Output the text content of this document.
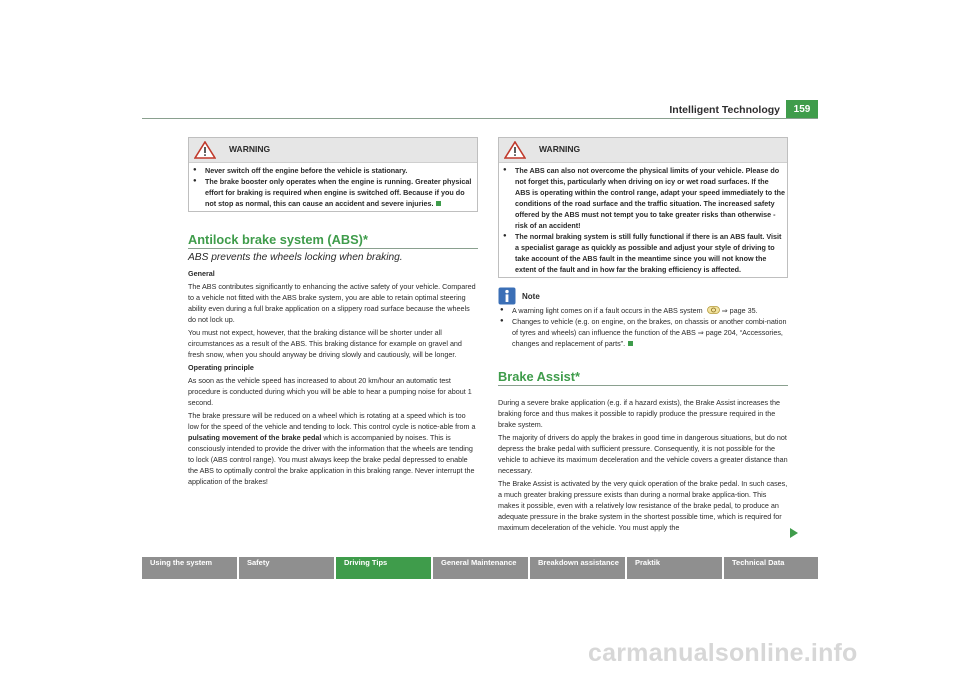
Intelligent Technology	159
WARNING
● Never switch off the engine before the vehicle is stationary.
● The brake booster only operates when the engine is running. Greater physical effort for braking is required when engine is switched off. Because if you do not stop as normal, this can cause an accident and severe injuries.
Antilock brake system (ABS)*
ABS prevents the wheels locking when braking.

General

The ABS contributes significantly to enhancing the active safety of your vehicle. Compared to a vehicle not fitted with the ABS brake system, you are able to retain optimal steering ability even during a full brake application on a slippery road surface because the wheels do not lock up.

You must not expect, however, that the braking distance will be shorter under all circumstances as a result of the ABS. This braking distance for example on gravel and fresh snow, when you should anyway be driving slowly and cautiously, will be longer.

Operating principle

As soon as the vehicle speed has increased to about 20 km/hour an automatic test procedure is conducted during which you will be able to hear a pumping noise for about 1 second.

The brake pressure will be reduced on a wheel which is rotating at a speed which is too low for the speed of the vehicle and tending to lock. This control cycle is notice-able from a pulsating movement of the brake pedal which is accompanied by noises. This is consciously intended to provide the driver with the information that the wheels are tending to lock (ABS control range). You must always keep the brake pedal depressed to enable the ABS to optimally control the brake application in this braking range. Never interrupt the application of the brakes!

WARNING
● The ABS can also not overcome the physical limits of your vehicle. Please do not forget this, particularly when driving on icy or wet road surfaces. If the ABS is operating within the control range, adapt your speed immediately to the conditions of the road surface and the traffic situation. The increased safety offered by the ABS must not tempt you to take greater risks than otherwise - risk of an accident!
● The normal braking system is still fully functional if there is an ABS fault. Visit a specialist garage as quickly as possible and adjust your style of driving to take account of the ABS fault in the meantime since you will not know the extent of the fault and in how far the braking efficiency is affected.
Note
● A warning light comes on if a fault occurs in the ABS system	⇒ page 35.
● Changes to vehicle (e.g. on engine, on the brakes, on chassis or another combi-nation of tyres and wheels) can influence the function of the ABS ⇒ page 204, “Accessories, changes and replacement of parts”.
Brake Assist*

During a severe brake application (e.g. if a hazard exists), the Brake Assist increases the braking force and thus makes it possible to rapidly produce the pressure required in the brake system.

The majority of drivers do apply the brakes in good time in dangerous situations, but do not depress the brake pedal with sufficient pressure. Consequently, it is not possible for the vehicle to achieve its maximum deceleration and the vehicle covers a greater distance than necessary.

The Brake Assist is activated by the very quick operation of the brake pedal. In such cases, a much greater braking pressure exists than during a normal brake applica-tion. This makes it possible, even with a relatively low resistance of the brake pedal, to produce an adequate pressure in the brake system in the shortest possible time, which is required for maximum deceleration of the vehicle. You must apply the

Using the system	Safety	Driving Tips	General Maintenance	Breakdown assistance	Praktik	Technical Data
carmanualsonline.info
